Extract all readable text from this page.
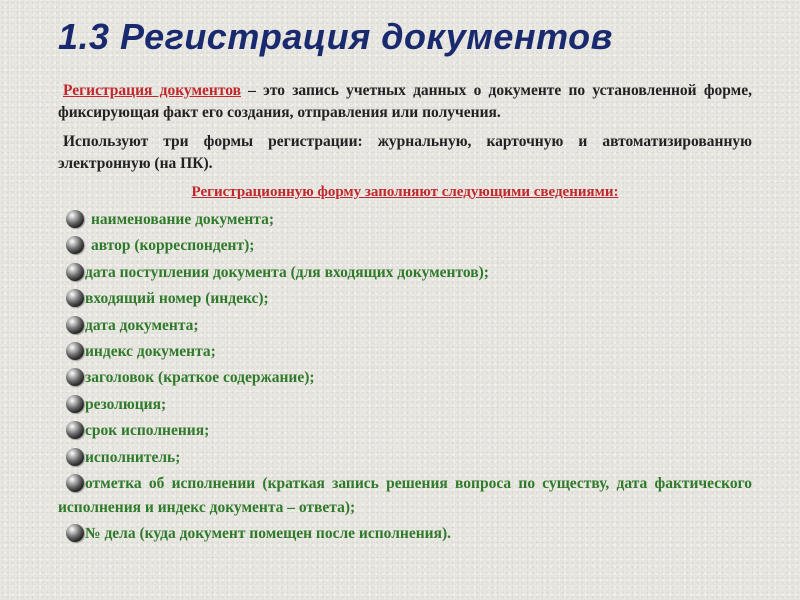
1.3 Регистрация документов

Регистрация документов – это запись учетных данных о документе по установленной форме, фиксирующая факт его создания, отправления или получения.

Используют три формы регистрации: журнальную, карточную и автоматизированную электронную (на ПК).

Регистрационную форму заполняют следующими сведениями:

наименование документа;
автор (корреспондент);
дата поступления документа (для входящих документов);
входящий номер (индекс);
дата документа;
индекс документа;
заголовок (краткое содержание);
резолюция;
срок исполнения;
исполнитель;
отметка об исполнении (краткая запись решения вопроса по существу, дата фактического исполнения и индекс документа – ответа);
№ дела (куда документ помещен после исполнения).
